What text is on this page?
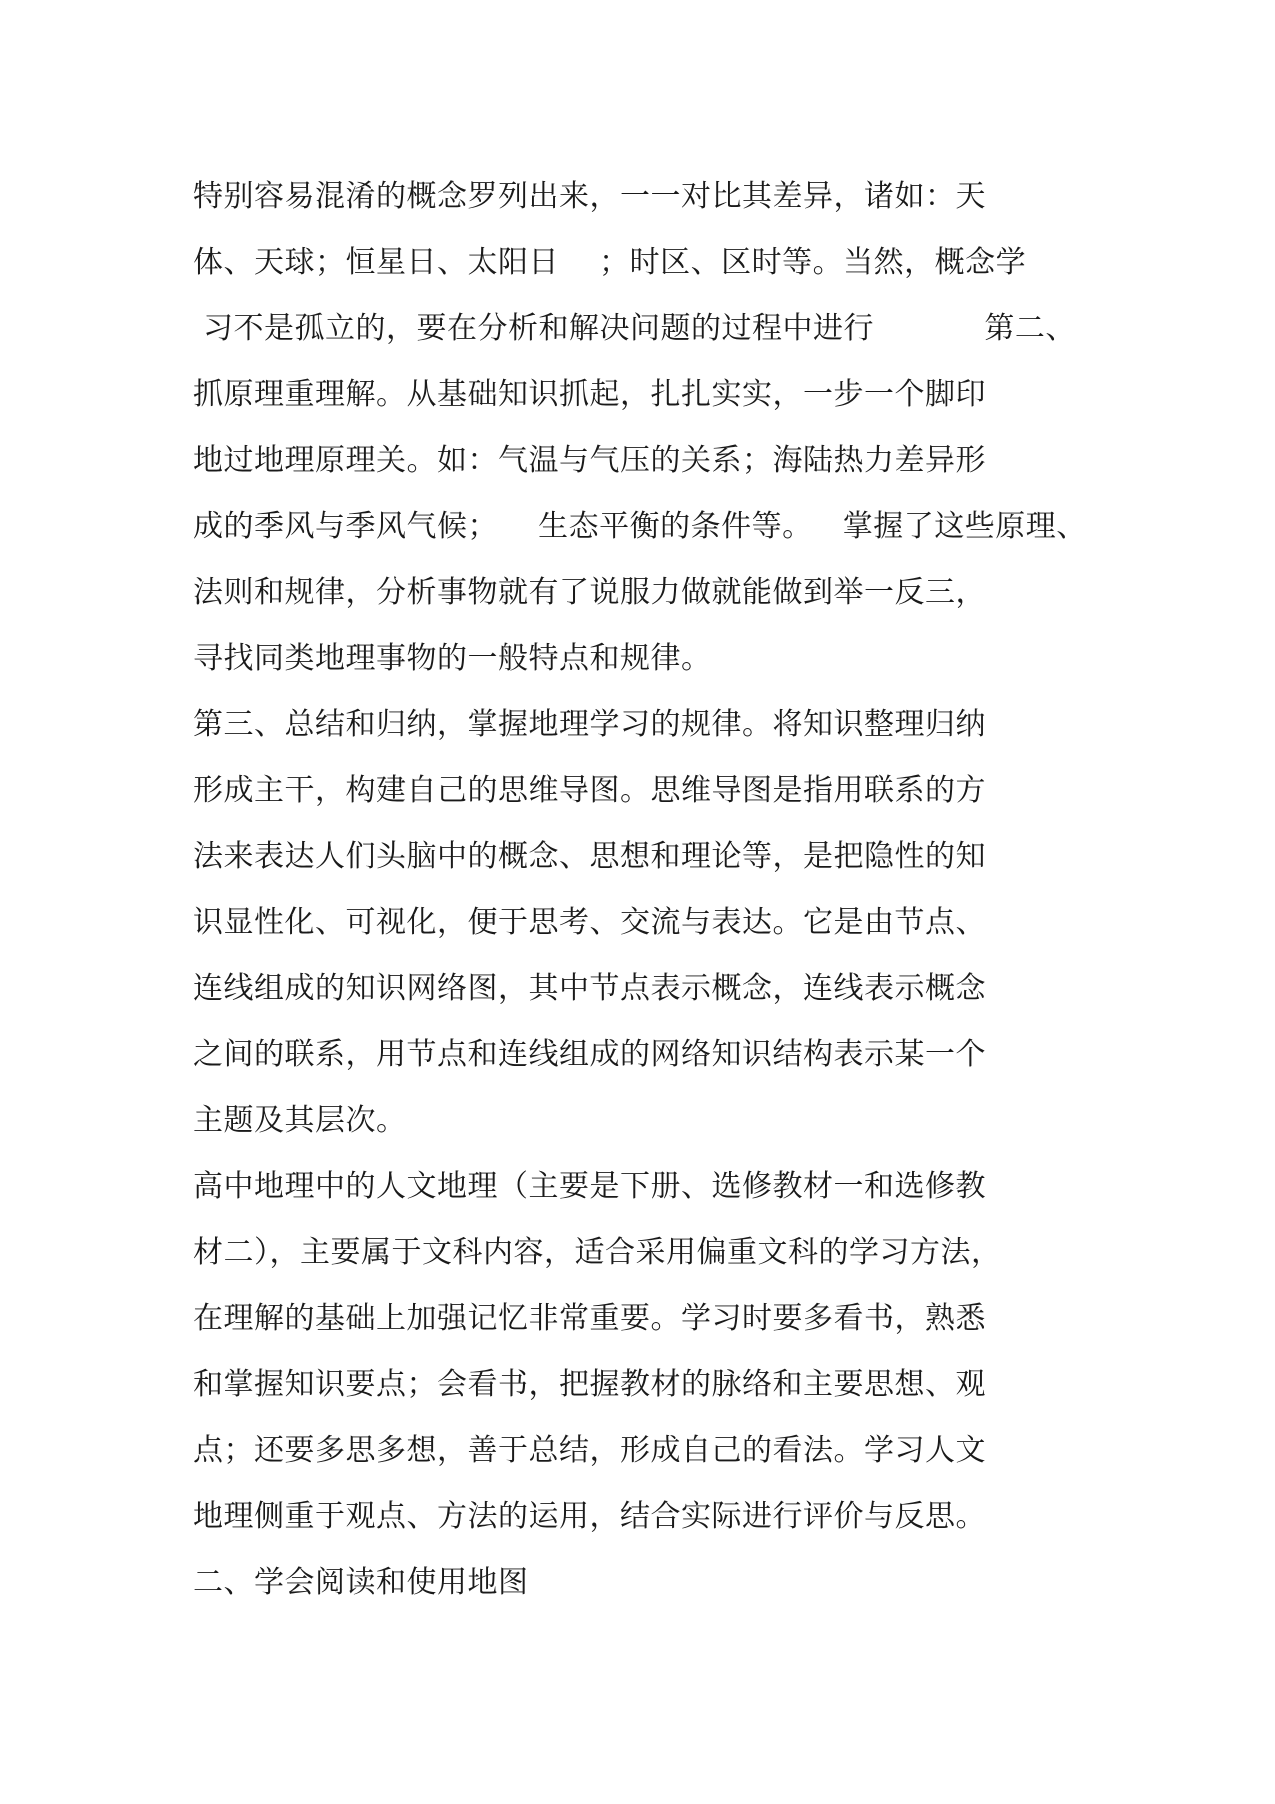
特别容易混淆的概念罗列出来，一一对比其差异，诸如：天
体、天球；恒星日、太阳日    ；时区、区时等。当然，概念学
习不是孤立的，要在分析和解决问题的过程中进行           第二、
抓原理重理解。从基础知识抓起，扎扎实实，一步一个脚印
地过地理原理关。如：气温与气压的关系；海陆热力差异形
成的季风与季风气候；    生态平衡的条件等。   掌握了这些原理、
法则和规律，分析事物就有了说服力做就能做到举一反三，
寻找同类地理事物的一般特点和规律。
第三、总结和归纳，掌握地理学习的规律。将知识整理归纳
形成主干，构建自己的思维导图。思维导图是指用联系的方
法来表达人们头脑中的概念、思想和理论等，是把隐性的知
识显性化、可视化，便于思考、交流与表达。它是由节点、
连线组成的知识网络图，其中节点表示概念，连线表示概念
之间的联系，用节点和连线组成的网络知识结构表示某一个
主题及其层次。
高中地理中的人文地理（主要是下册、选修教材一和选修教
材二），主要属于文科内容，适合采用偏重文科的学习方法，
在理解的基础上加强记忆非常重要。学习时要多看书，熟悉
和掌握知识要点；会看书，把握教材的脉络和主要思想、观
点；还要多思多想，善于总结，形成自己的看法。学习人文
地理侧重于观点、方法的运用，结合实际进行评价与反思。
二、学会阅读和使用地图
